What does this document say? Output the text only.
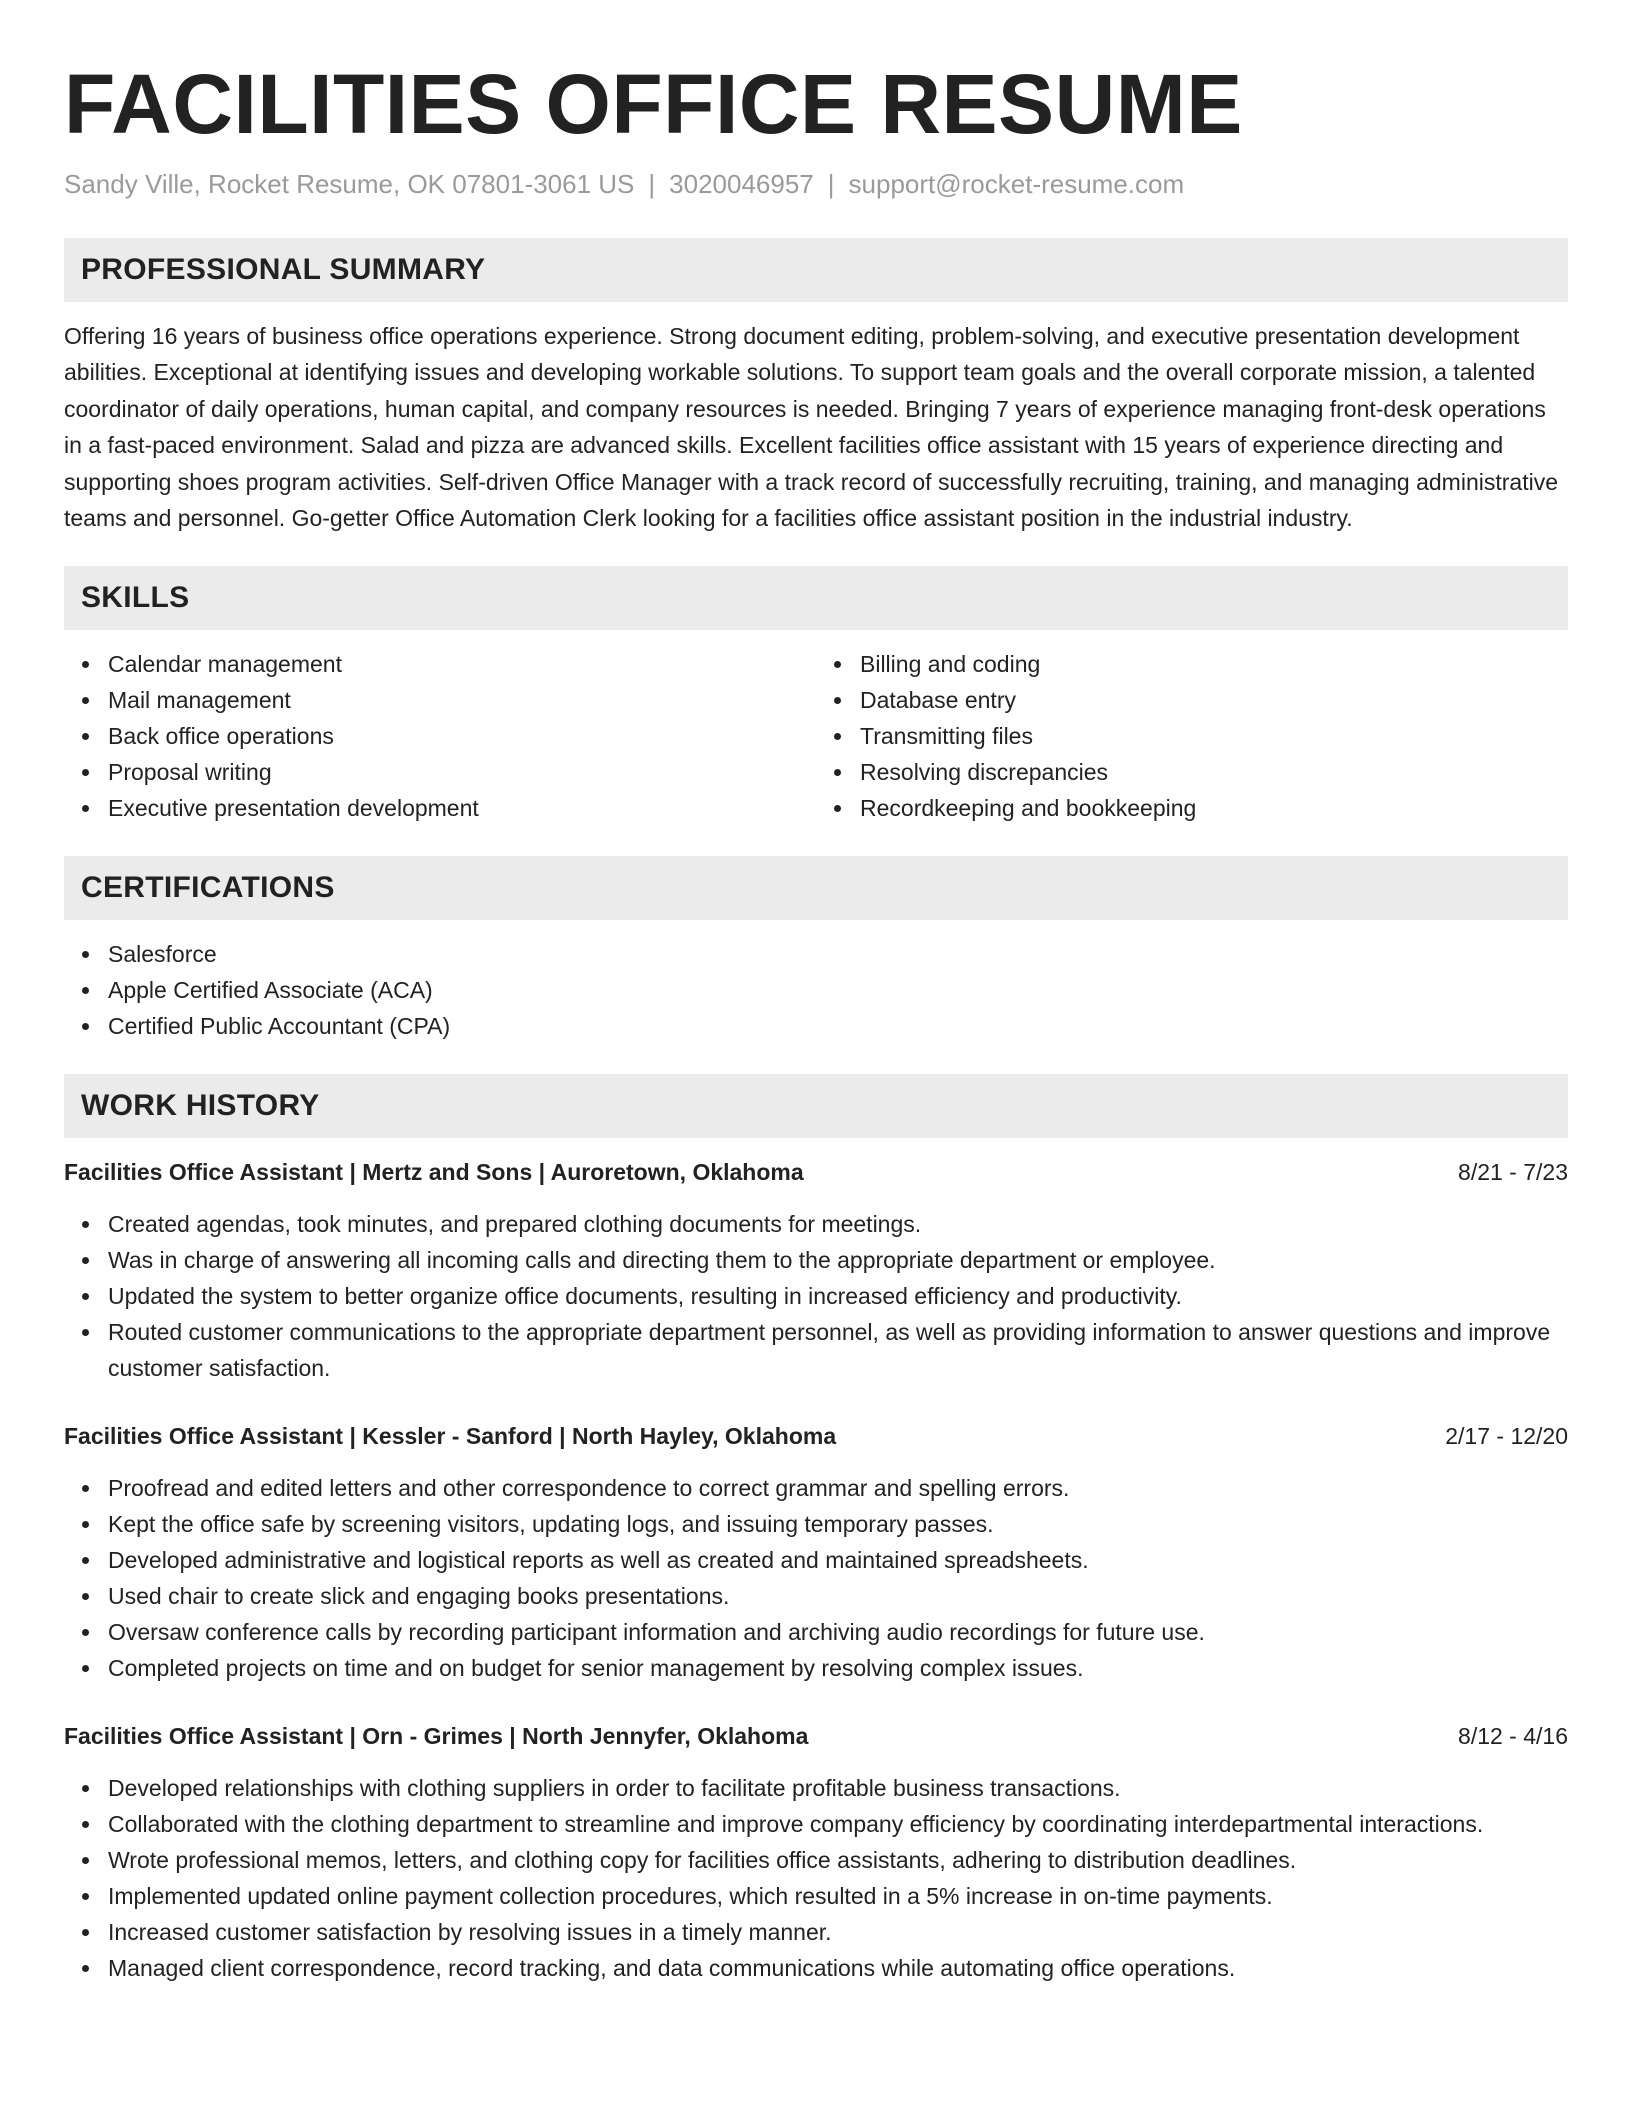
FACILITIES OFFICE RESUME
Sandy Ville, Rocket Resume, OK 07801-3061 US | 3020046957 | support@rocket-resume.com
PROFESSIONAL SUMMARY
Offering 16 years of business office operations experience. Strong document editing, problem-solving, and executive presentation development abilities. Exceptional at identifying issues and developing workable solutions. To support team goals and the overall corporate mission, a talented coordinator of daily operations, human capital, and company resources is needed. Bringing 7 years of experience managing front-desk operations in a fast-paced environment. Salad and pizza are advanced skills. Excellent facilities office assistant with 15 years of experience directing and supporting shoes program activities. Self-driven Office Manager with a track record of successfully recruiting, training, and managing administrative teams and personnel. Go-getter Office Automation Clerk looking for a facilities office assistant position in the industrial industry.
SKILLS
Calendar management
Mail management
Back office operations
Proposal writing
Executive presentation development
Billing and coding
Database entry
Transmitting files
Resolving discrepancies
Recordkeeping and bookkeeping
CERTIFICATIONS
Salesforce
Apple Certified Associate (ACA)
Certified Public Accountant (CPA)
WORK HISTORY
Facilities Office Assistant | Mertz and Sons | Auroretown, Oklahoma	8/21 - 7/23
Created agendas, took minutes, and prepared clothing documents for meetings.
Was in charge of answering all incoming calls and directing them to the appropriate department or employee.
Updated the system to better organize office documents, resulting in increased efficiency and productivity.
Routed customer communications to the appropriate department personnel, as well as providing information to answer questions and improve customer satisfaction.
Facilities Office Assistant | Kessler - Sanford | North Hayley, Oklahoma	2/17 - 12/20
Proofread and edited letters and other correspondence to correct grammar and spelling errors.
Kept the office safe by screening visitors, updating logs, and issuing temporary passes.
Developed administrative and logistical reports as well as created and maintained spreadsheets.
Used chair to create slick and engaging books presentations.
Oversaw conference calls by recording participant information and archiving audio recordings for future use.
Completed projects on time and on budget for senior management by resolving complex issues.
Facilities Office Assistant | Orn - Grimes | North Jennyfer, Oklahoma	8/12 - 4/16
Developed relationships with clothing suppliers in order to facilitate profitable business transactions.
Collaborated with the clothing department to streamline and improve company efficiency by coordinating interdepartmental interactions.
Wrote professional memos, letters, and clothing copy for facilities office assistants, adhering to distribution deadlines.
Implemented updated online payment collection procedures, which resulted in a 5% increase in on-time payments.
Increased customer satisfaction by resolving issues in a timely manner.
Managed client correspondence, record tracking, and data communications while automating office operations.
